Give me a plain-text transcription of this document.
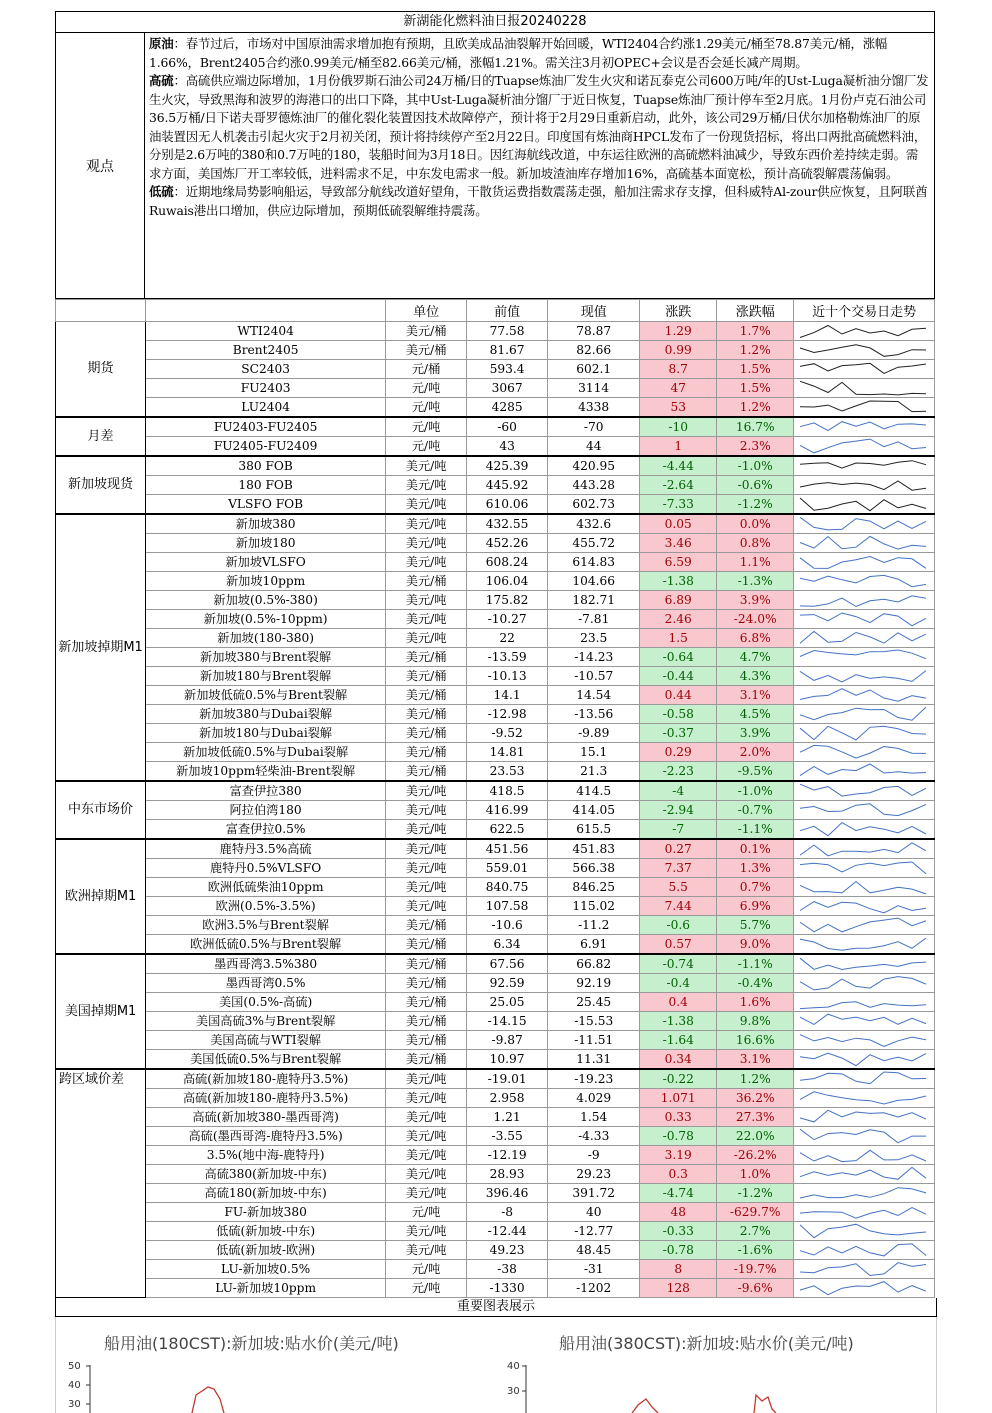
新湖能化燃料油日报20240228
观点

原油：春节过后，市场对中国原油需求增加抱有预期，且欧美成品油裂解开始回暖，WTI2404合约涨1.29美元/桶至78.87美元/桶，涨幅1.66%，Brent2405合约涨0.99美元/桶至82.66美元/桶，涨幅1.21%。需关注3月初OPEC+会议是否会延长减产周期。

高硫：高硫供应端边际增加，1月份俄罗斯石油公司24万桶/日的Tuapse炼油厂发生火灾和诺瓦泰克公司600万吨/年的Ust-Luga凝析油分馏厂发生火灾，导致黑海和波罗的海港口的出口下降，其中Ust-Luga凝析油分馏厂于近日恢复，Tuapse炼油厂预计停车至2月底。1月份卢克石油公司36.5万桶/日下诺夫哥罗德炼油厂的催化裂化装置因技术故障停产，预计将于2月29日重新启动，此外，该公司29万桶/日伏尔加格勒炼油厂的原油装置因无人机袭击引起火灾于2月初关闭，预计将持续停产至2月22日。印度国有炼油商HPCL发布了一份现货招标，将出口两批高硫燃料油，分别是2.6万吨的380和0.7万吨的180，装船时间为3月18日。因红海航线改道，中东运往欧洲的高硫燃料油减少，导致东西价差持续走弱。需求方面，美国炼厂开工率较低，进料需求不足，中东发电需求一般。新加坡渣油库存增加16%，高硫基本面宽松，预计高硫裂解震荡偏弱。

低硫：近期地缘局势影响船运，导致部分航线改道好望角，干散货运费指数震荡走强，船加注需求存支撑，但科威特Al-zour供应恢复，且阿联酋Ruwais港出口增加，供应边际增加，预期低硫裂解维持震荡。

		单位	前值	现值	涨跌	涨跌幅	近十个交易日走势
期货	WTI2404	美元/桶	77.58	78.87	1.29	1.7%	

	Brent2405	美元/桶	81.67	82.66	0.99	1.2%	

	SC2403	元/桶	593.4	602.1	8.7	1.5%	

	FU2403	元/吨	3067	3114	47	1.5%	

	LU2404	元/吨	4285	4338	53	1.2%	

月差	FU2403-FU2405	元/吨	-60	-70	-10	16.7%	

	FU2405-FU2409	元/吨	43	44	1	2.3%	

新加坡现货	380 FOB	美元/吨	425.39	420.95	-4.44	-1.0%	

	180 FOB	美元/吨	445.92	443.28	-2.64	-0.6%	

	VLSFO FOB	美元/吨	610.06	602.73	-7.33	-1.2%	

新加坡掉期M1	新加坡380	美元/吨	432.55	432.6	0.05	0.0%	

	新加坡180	美元/吨	452.26	455.72	3.46	0.8%	

	新加坡VLSFO	美元/吨	608.24	614.83	6.59	1.1%	

	新加坡10ppm	美元/桶	106.04	104.66	-1.38	-1.3%	

	新加坡(0.5%-380)	美元/吨	175.82	182.71	6.89	3.9%	

	新加坡(0.5%-10ppm)	美元/吨	-10.27	-7.81	2.46	-24.0%	

	新加坡(180-380)	美元/吨	22	23.5	1.5	6.8%	

	新加坡380与Brent裂解	美元/桶	-13.59	-14.23	-0.64	4.7%	

	新加坡180与Brent裂解	美元/桶	-10.13	-10.57	-0.44	4.3%	

	新加坡低硫0.5%与Brent裂解	美元/桶	14.1	14.54	0.44	3.1%	

	新加坡380与Dubai裂解	美元/桶	-12.98	-13.56	-0.58	4.5%	

	新加坡180与Dubai裂解	美元/桶	-9.52	-9.89	-0.37	3.9%	

	新加坡低硫0.5%与Dubai裂解	美元/桶	14.81	15.1	0.29	2.0%	

	新加坡10ppm轻柴油-Brent裂解	美元/桶	23.53	21.3	-2.23	-9.5%	

中东市场价	富查伊拉380	美元/吨	418.5	414.5	-4	-1.0%	

	阿拉伯湾180	美元/吨	416.99	414.05	-2.94	-0.7%	

	富查伊拉0.5%	美元/吨	622.5	615.5	-7	-1.1%	

欧洲掉期M1	鹿特丹3.5%高硫	美元/吨	451.56	451.83	0.27	0.1%	

	鹿特丹0.5%VLSFO	美元/吨	559.01	566.38	7.37	1.3%	

	欧洲低硫柴油10ppm	美元/吨	840.75	846.25	5.5	0.7%	

	欧洲(0.5%-3.5%)	美元/吨	107.58	115.02	7.44	6.9%	

	欧洲3.5%与Brent裂解	美元/桶	-10.6	-11.2	-0.6	5.7%	

	欧洲低硫0.5%与Brent裂解	美元/桶	6.34	6.91	0.57	9.0%	

美国掉期M1	墨西哥湾3.5%380	美元/桶	67.56	66.82	-0.74	-1.1%	

	墨西哥湾0.5%	美元/桶	92.59	92.19	-0.4	-0.4%	

	美国(0.5%-高硫)	美元/桶	25.05	25.45	0.4	1.6%	

	美国高硫3%与Brent裂解	美元/桶	-14.15	-15.53	-1.38	9.8%	

	美国高硫与WTI裂解	美元/桶	-9.87	-11.51	-1.64	16.6%	

	美国低硫0.5%与Brent裂解	美元/桶	10.97	11.31	0.34	3.1%	

跨区域价差	高硫(新加坡180-鹿特丹3.5%)	美元/吨	-19.01	-19.23	-0.22	1.2%	

	高硫(新加坡180-鹿特丹3.5%)	美元/吨	2.958	4.029	1.071	36.2%	

	高硫(新加坡380-墨西哥湾)	美元/吨	1.21	1.54	0.33	27.3%	

	高硫(墨西哥湾-鹿特丹3.5%)	美元/吨	-3.55	-4.33	-0.78	22.0%	

	3.5%(地中海-鹿特丹)	美元/吨	-12.19	-9	3.19	-26.2%	

	高硫380(新加坡-中东)	美元/吨	28.93	29.23	0.3	1.0%	

	高硫180(新加坡-中东)	美元/吨	396.46	391.72	-4.74	-1.2%	

	FU-新加坡380	元/吨	-8	40	48	-629.7%	

	低硫(新加坡-中东)	美元/吨	-12.44	-12.77	-0.33	2.7%	

	低硫(新加坡-欧洲)	美元/吨	49.23	48.45	-0.78	-1.6%	

	LU-新加坡0.5%	元/吨	-38	-31	8	-19.7%	

	LU-新加坡10ppm	元/吨	-1330	-1202	128	-9.6%	
重要图表展示
船用油(180CST):新加坡:贴水价(美元/吨)	船用油(380CST):新加坡:贴水价(美元/吨)
50
40
30
40
30
